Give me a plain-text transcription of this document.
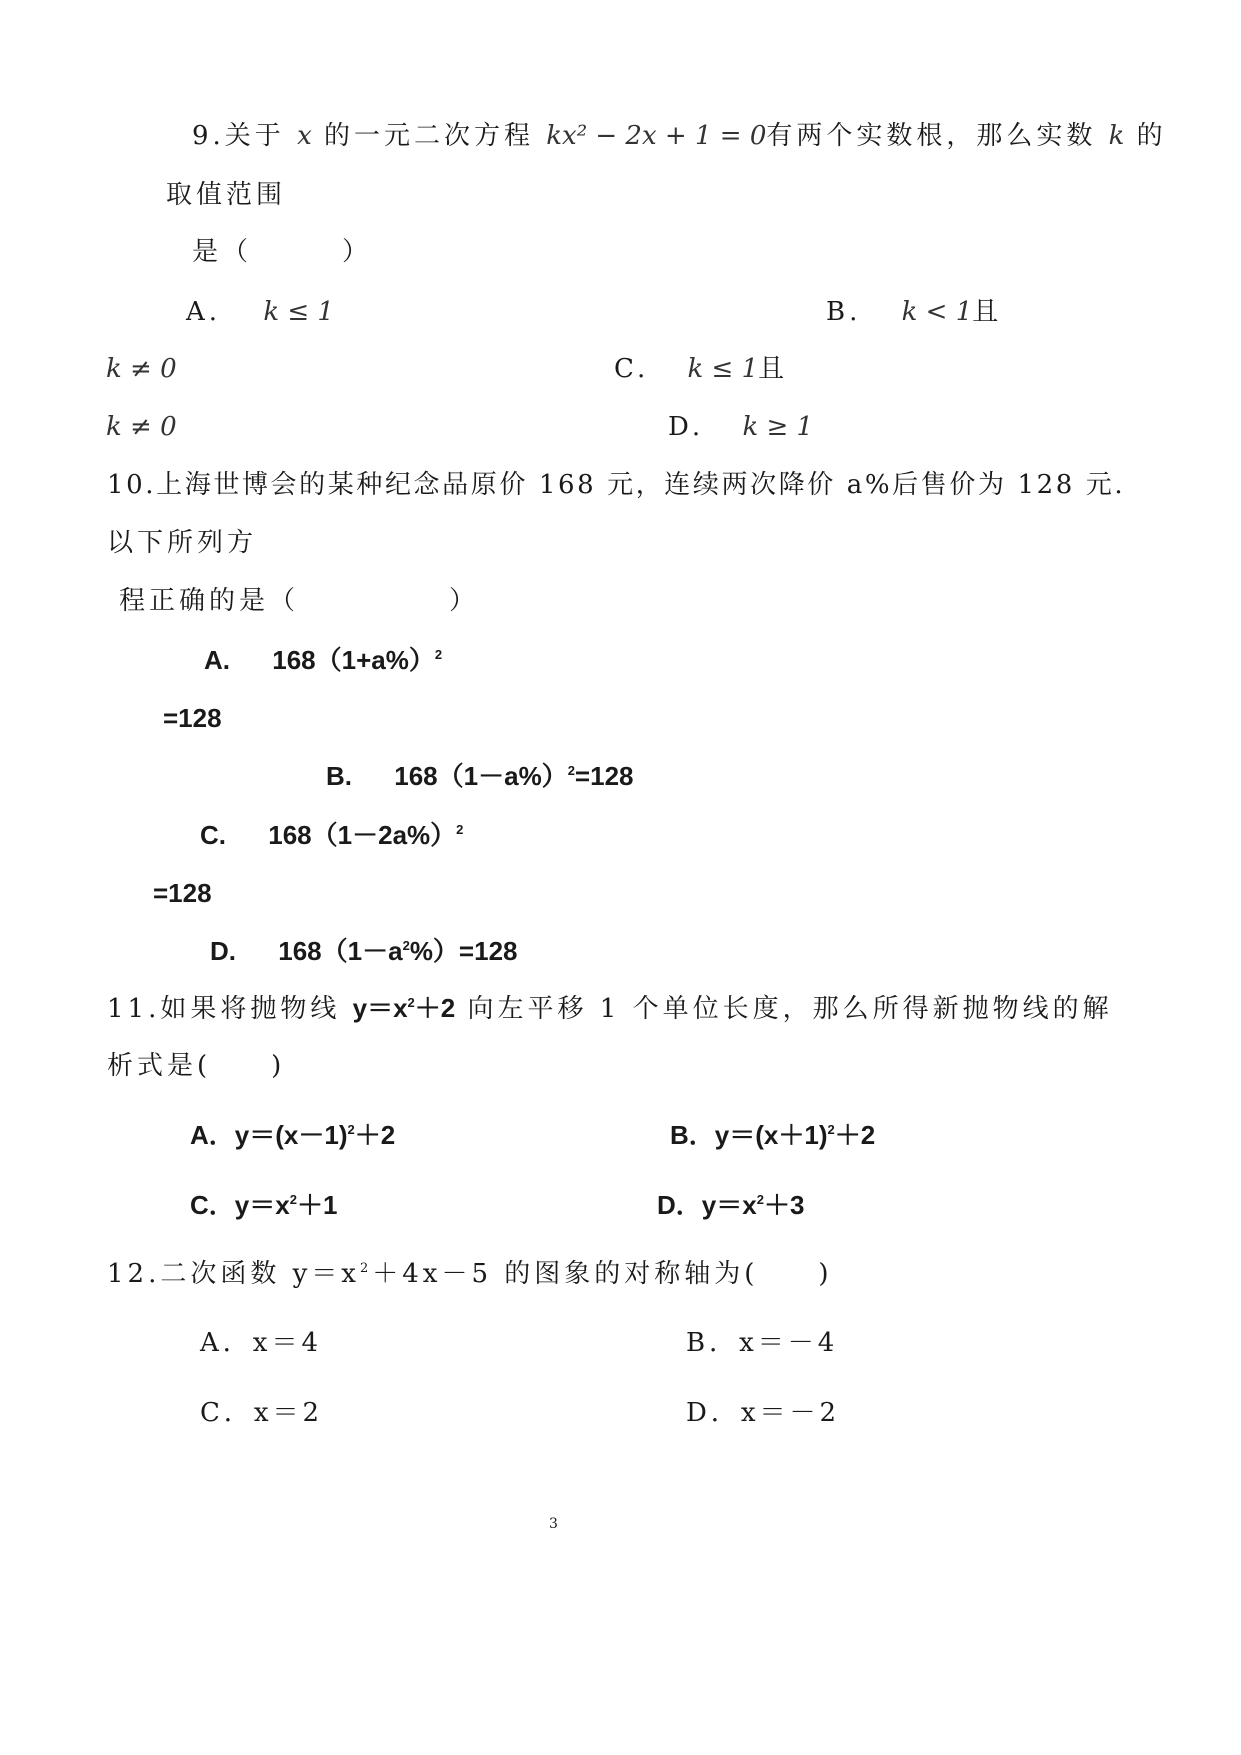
9.关于 x 的一元二次方程 kx² − 2x + 1 = 0有两个实数根，那么实数 k 的
取值范围
是（　　　）
A. k ≤ 1	B. k < 1且
k ≠ 0	C. k ≤ 1且
k ≠ 0	D. k ≥ 1
10.上海世博会的某种纪念品原价 168 元，连续两次降价 a%后售价为 128 元.
以下所列方
程正确的是（　　　　　）
A. $168(1+a\%)^2$
=128
B. $168(1-a\%)^2=128$
C. $168(1-2a\%)^2$
=128
D. $168(1-a^2\%)=128$
11.如果将抛物线 $y=x^2+2$ 向左平移 1 个单位长度，那么所得新抛物线的解
析式是(　　)
A．$y=(x-1)^2+2$	B．$y=(x+1)^2+2$
C．$y=x^2+1$	D．$y=x^2+3$
12.二次函数 $y=x^2+4x-5$ 的图象的对称轴为(　　)
A．x＝4	B．x＝－4
C．x＝2	D．x＝－2
3
